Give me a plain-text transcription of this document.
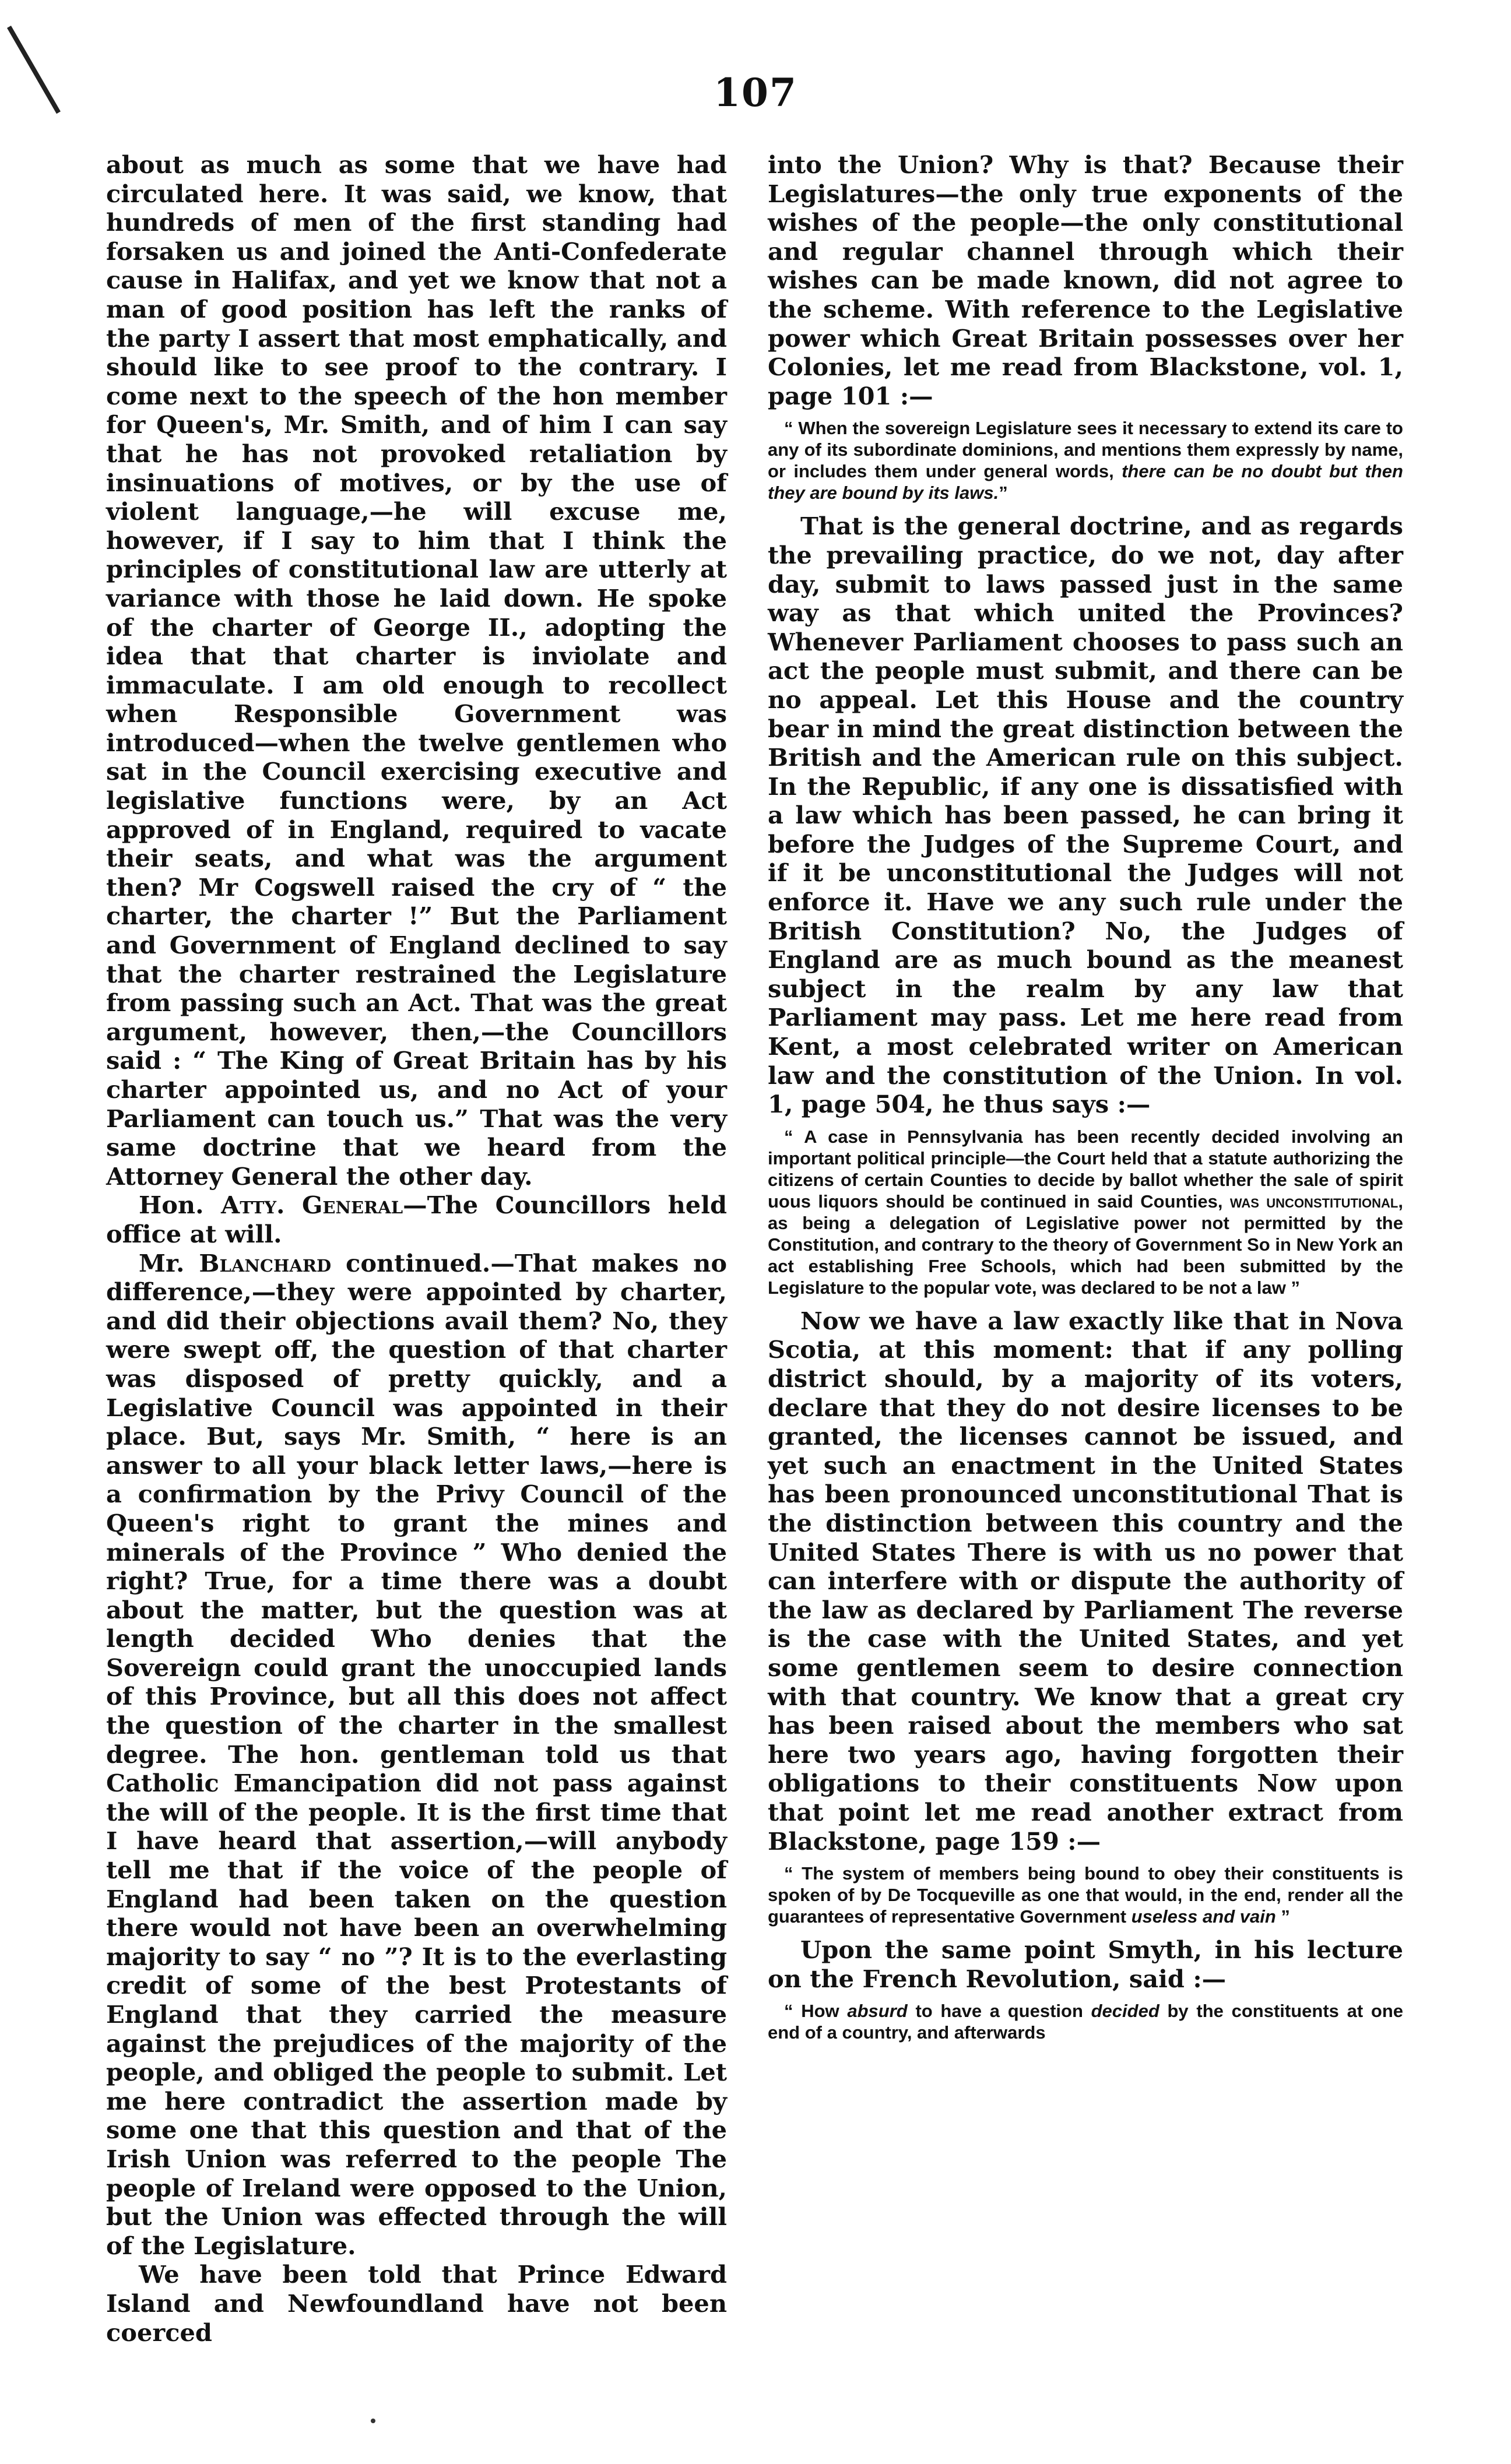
107

about as much as some that we have had circulated here. It was said, we know, that hundreds of men of the first standing had forsaken us and joined the Anti-Confederate cause in Halifax, and yet we know that not a man of good position has left the ranks of the party I assert that most emphatically, and should like to see proof to the contrary. I come next to the speech of the hon member for Queen's, Mr. Smith, and of him I can say that he has not provoked retaliation by insinuations of motives, or by the use of violent language,—he will excuse me, however, if I say to him that I think the principles of constitutional law are utterly at variance with those he laid down. He spoke of the charter of George II., adopting the idea that that charter is inviolate and immaculate. I am old enough to recollect when Responsible Government was introduced—when the twelve gentlemen who sat in the Council exercising executive and legislative functions were, by an Act approved of in England, required to vacate their seats, and what was the argument then? Mr Cogswell raised the cry of “ the charter, the charter !” But the Parliament and Government of England declined to say that the charter restrained the Legislature from passing such an Act. That was the great argument, however, then,—the Councillors said : “ The King of Great Britain has by his charter appointed us, and no Act of your Parliament can touch us.” That was the very same doctrine that we heard from the Attorney General the other day.

Hon. Atty. General—The Councillors held office at will.

Mr. Blanchard continued.—That makes no difference,—they were appointed by charter, and did their objections avail them? No, they were swept off, the question of that charter was disposed of pretty quickly, and a Legislative Council was appointed in their place. But, says Mr. Smith, “ here is an answer to all your black letter laws,—here is a confirmation by the Privy Council of the Queen's right to grant the mines and minerals of the Province ” Who denied the right? True, for a time there was a doubt about the matter, but the question was at length decided Who denies that the Sovereign could grant the unoccupied lands of this Province, but all this does not affect the question of the charter in the smallest degree. The hon. gentleman told us that Catholic Emancipation did not pass against the will of the people. It is the first time that I have heard that assertion,—will anybody tell me that if the voice of the people of England had been taken on the question there would not have been an overwhelming majority to say “ no ”? It is to the everlasting credit of some of the best Protestants of England that they carried the measure against the prejudices of the majority of the people, and obliged the people to submit. Let me here contradict the assertion made by some one that this question and that of the Irish Union was referred to the people The people of Ireland were opposed to the Union, but the Union was effected through the will of the Legislature.

We have been told that Prince Edward Island and Newfoundland have not been coerced

into the Union? Why is that? Because their Legislatures—the only true exponents of the wishes of the people—the only constitutional and regular channel through which their wishes can be made known, did not agree to the scheme. With reference to the Legislative power which Great Britain possesses over her Colonies, let me read from Blackstone, vol. 1, page 101 :—

“ When the sovereign Legislature sees it necessary to extend its care to any of its subordinate dominions, and mentions them expressly by name, or includes them under general words, there can be no doubt but then they are bound by its laws.”

That is the general doctrine, and as regards the prevailing practice, do we not, day after day, submit to laws passed just in the same way as that which united the Provinces? Whenever Parliament chooses to pass such an act the people must submit, and there can be no appeal. Let this House and the country bear in mind the great distinction between the British and the American rule on this subject. In the Republic, if any one is dissatisfied with a law which has been passed, he can bring it before the Judges of the Supreme Court, and if it be unconstitutional the Judges will not enforce it. Have we any such rule under the British Constitution? No, the Judges of England are as much bound as the meanest subject in the realm by any law that Parliament may pass. Let me here read from Kent, a most celebrated writer on American law and the constitution of the Union. In vol. 1, page 504, he thus says :—

“ A case in Pennsylvania has been recently decided involving an important political principle—the Court held that a statute authorizing the citizens of certain Counties to decide by ballot whether the sale of spirit uous liquors should be continued in said Counties, was unconstitutional, as being a delegation of Legislative power not permitted by the Constitution, and contrary to the theory of Government So in New York an act establishing Free Schools, which had been submitted by the Legislature to the popular vote, was declared to be not a law ”

Now we have a law exactly like that in Nova Scotia, at this moment: that if any polling district should, by a majority of its voters, declare that they do not desire licenses to be granted, the licenses cannot be issued, and yet such an enactment in the United States has been pronounced unconstitutional That is the distinction between this country and the United States There is with us no power that can interfere with or dispute the authority of the law as declared by Parliament The reverse is the case with the United States, and yet some gentlemen seem to desire connection with that country. We know that a great cry has been raised about the members who sat here two years ago, having forgotten their obligations to their constituents Now upon that point let me read another extract from Blackstone, page 159 :—

“ The system of members being bound to obey their constituents is spoken of by De Tocqueville as one that would, in the end, render all the guarantees of representative Government useless and vain ”

Upon the same point Smyth, in his lecture on the French Revolution, said :—

“ How absurd to have a question decided by the constituents at one end of a country, and afterwards
